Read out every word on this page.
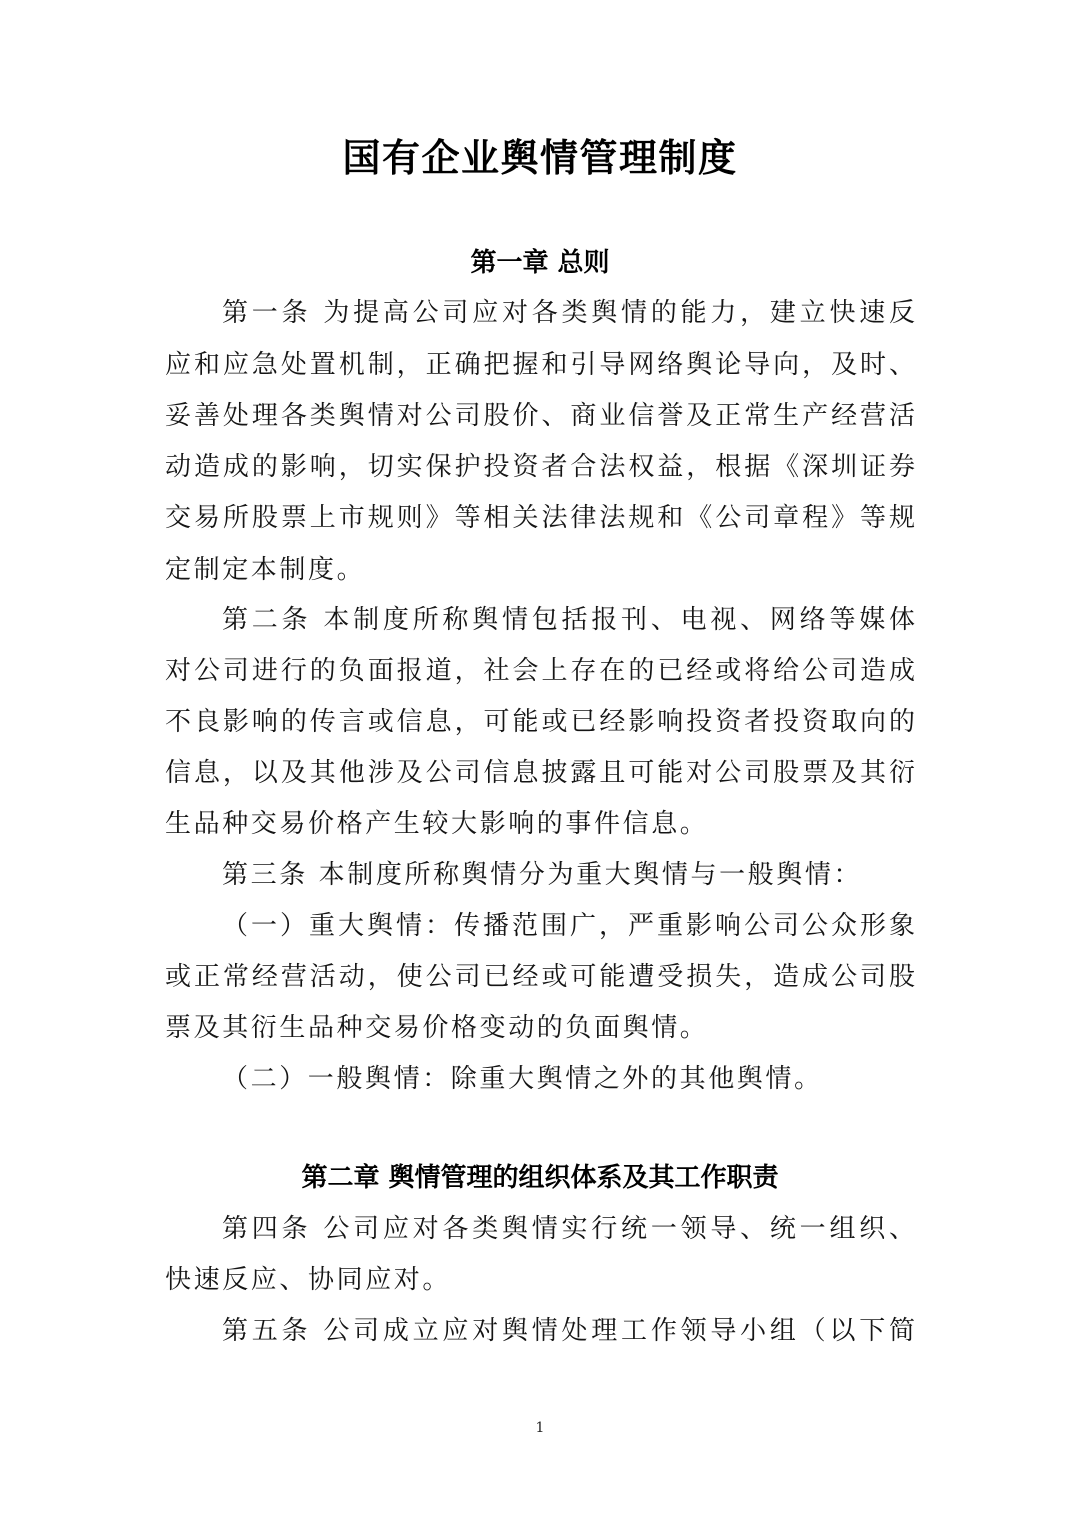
国有企业舆情管理制度
第一章 总则
第一条 为提高公司应对各类舆情的能力，建立快速反
应和应急处置机制，正确把握和引导网络舆论导向，及时、
妥善处理各类舆情对公司股价、商业信誉及正常生产经营活
动造成的影响，切实保护投资者合法权益，根据《深圳证券
交易所股票上市规则》等相关法律法规和《公司章程》等规
定制定本制度。
第二条 本制度所称舆情包括报刊、电视、网络等媒体
对公司进行的负面报道，社会上存在的已经或将给公司造成
不良影响的传言或信息，可能或已经影响投资者投资取向的
信息，以及其他涉及公司信息披露且可能对公司股票及其衍
生品种交易价格产生较大影响的事件信息。
第三条 本制度所称舆情分为重大舆情与一般舆情：
（一）重大舆情：传播范围广，严重影响公司公众形象
或正常经营活动，使公司已经或可能遭受损失，造成公司股
票及其衍生品种交易价格变动的负面舆情。
（二）一般舆情：除重大舆情之外的其他舆情。
第二章 舆情管理的组织体系及其工作职责
第四条 公司应对各类舆情实行统一领导、统一组织、
快速反应、协同应对。
第五条 公司成立应对舆情处理工作领导小组（以下简
1
